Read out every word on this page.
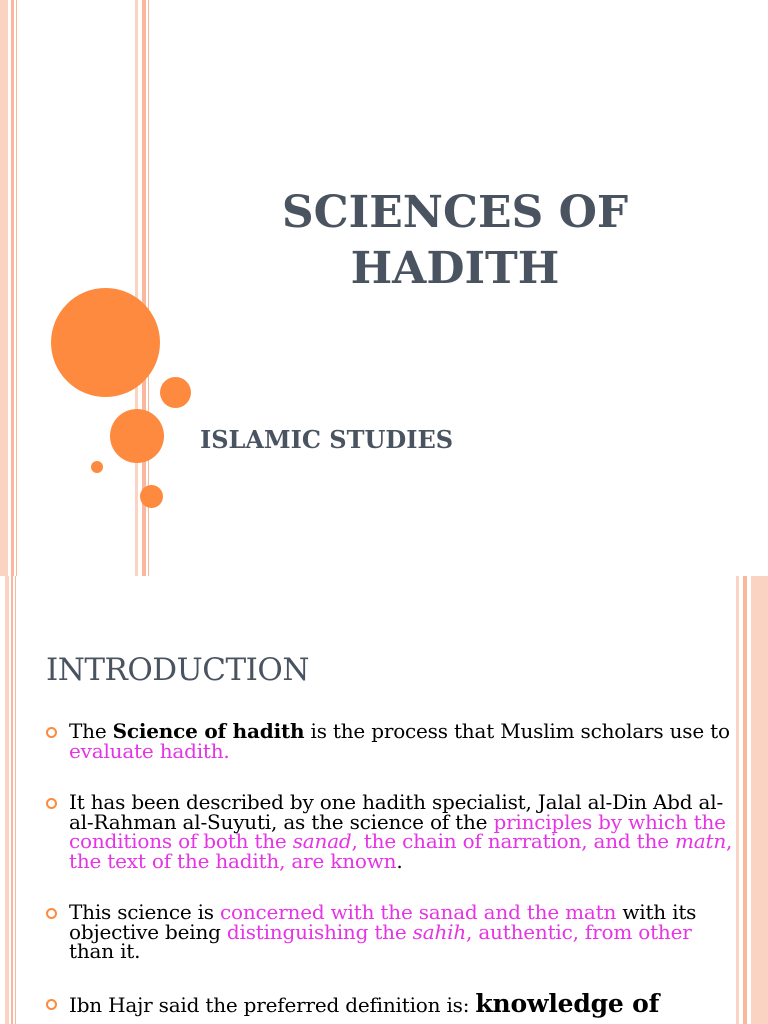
SCIENCES OF
HADITH
ISLAMIC STUDIES
INTRODUCTION
The Science of hadith is the process that Muslim scholars use to evaluate hadith.
It has been described by one hadith specialist, Jalal al-Din Abd al-al-Rahman al-Suyuti, as the science of the principles by which the conditions of both the sanad, the chain of narration, and the matn, the text of the hadith, are known.
This science is concerned with the sanad and the matn with its objective being distinguishing the sahih, authentic, from other than it.
Ibn Hajr said the preferred definition is: knowledge of
